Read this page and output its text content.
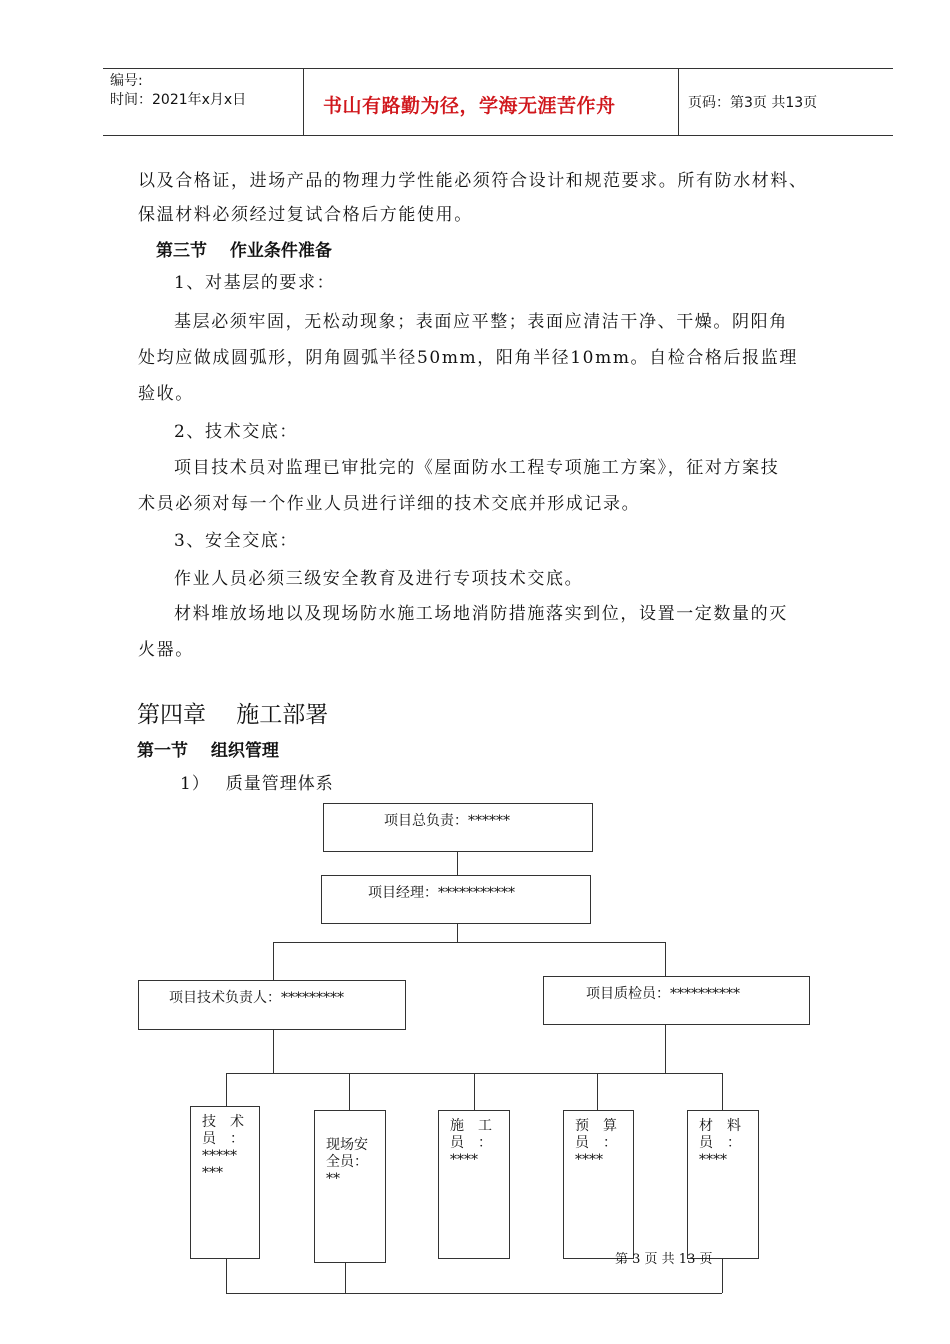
编号:
时间：2021年x月x日	书山有路勤为径，学海无涯苦作舟	页码：第3页 共13页
以及合格证，进场产品的物理力学性能必须符合设计和规范要求。所有防水材料、
保温材料必须经过复试合格后方能使用。
第三节　 作业条件准备
1、对基层的要求：
基层必须牢固，无松动现象；表面应平整；表面应清洁干净、干燥。阴阳角
处均应做成圆弧形，阴角圆弧半径50mm，阳角半径10mm。自检合格后报监理
验收。
2、技术交底：
项目技术员对监理已审批完的《屋面防水工程专项施工方案》，征对方案技
术员必须对每一个作业人员进行详细的技术交底并形成记录。
3、安全交底：
作业人员必须三级安全教育及进行专项技术交底。
材料堆放场地以及现场防水施工场地消防措施落实到位，设置一定数量的灭
火器。
第四章　 施工部署
第一节　 组织管理
1）　 质量管理体系
项目总负责：******
项目经理：***********
项目技术负责人：*********	项目质检员：**********
技　术
员　：
*****
***
现场安
全员：
**
施　工
员　：
****
预　算
员　：
****
材　料
员　：
****
第 3 页 共 13 页
